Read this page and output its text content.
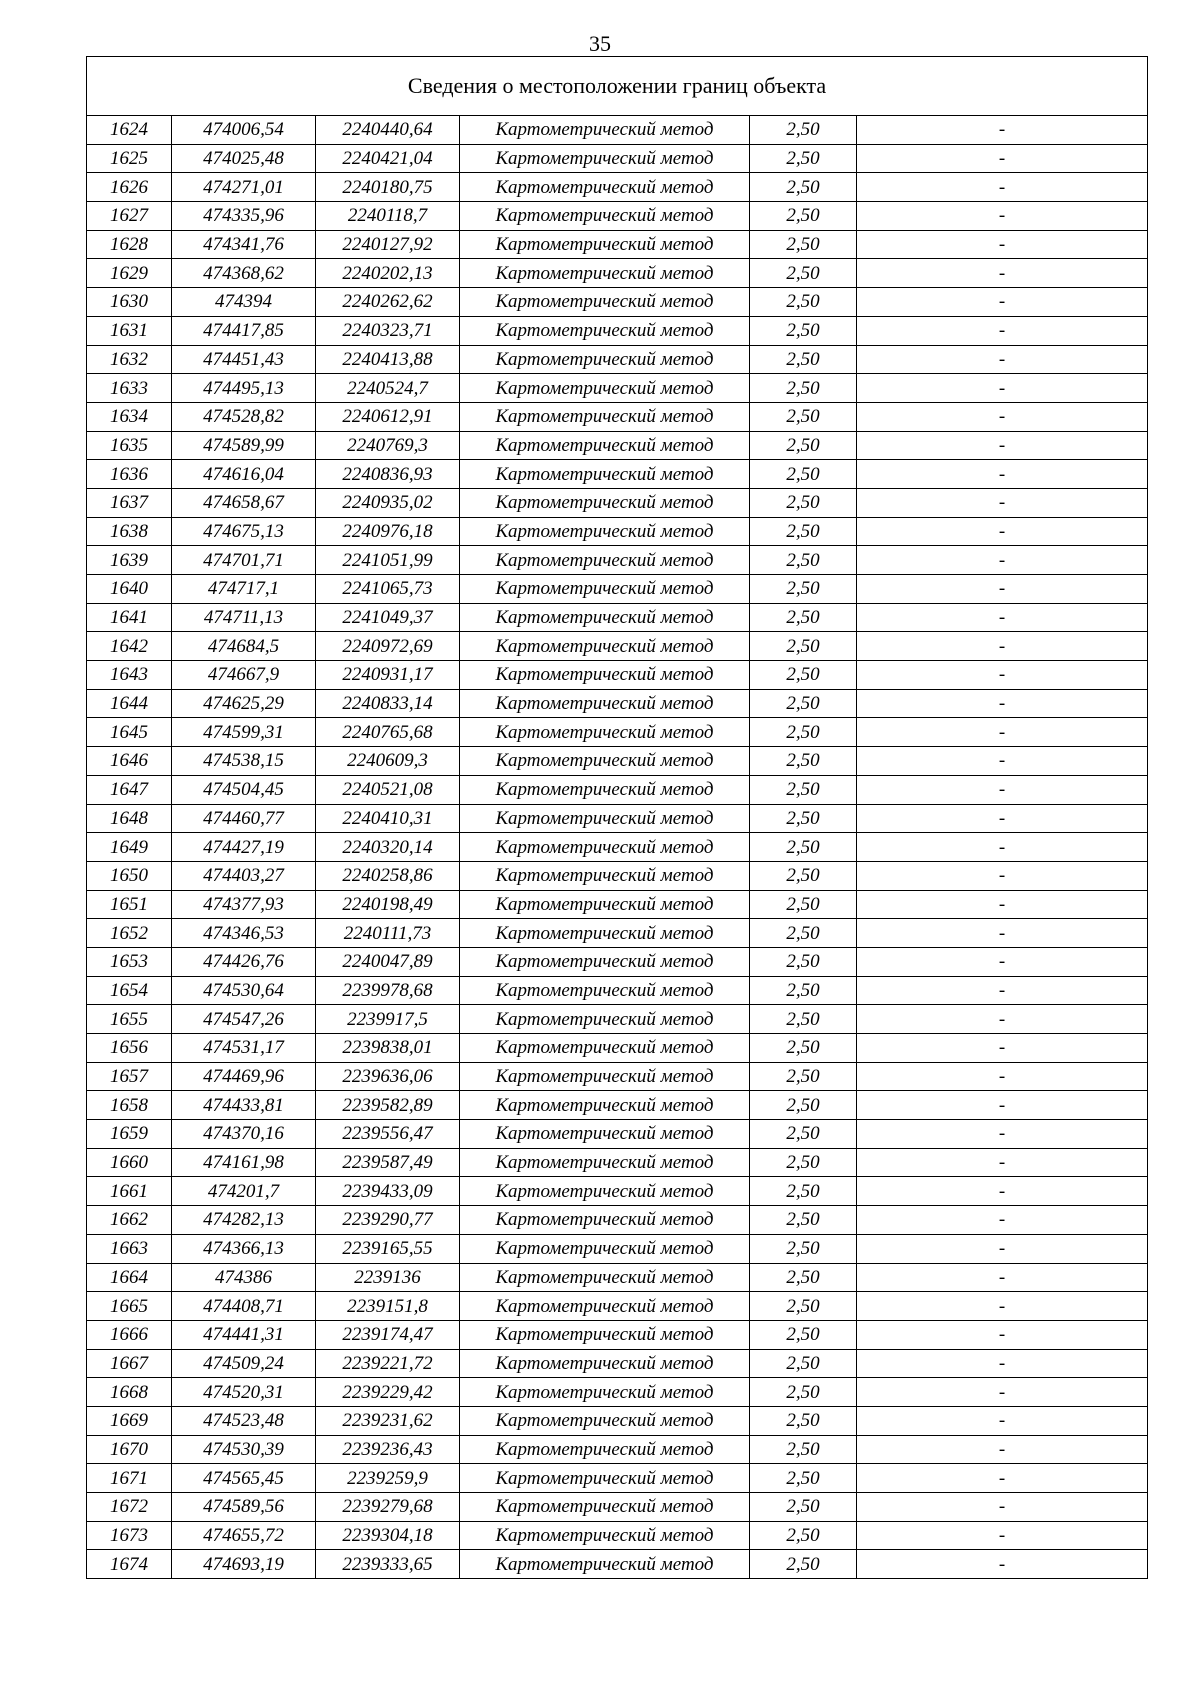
35
Сведения о местоположении границ объекта					
1624	474006,54	2240440,64	Картометрический метод	2,50	-
1625	474025,48	2240421,04	Картометрический метод	2,50	-
1626	474271,01	2240180,75	Картометрический метод	2,50	-
1627	474335,96	2240118,7	Картометрический метод	2,50	-
1628	474341,76	2240127,92	Картометрический метод	2,50	-
1629	474368,62	2240202,13	Картометрический метод	2,50	-
1630	474394	2240262,62	Картометрический метод	2,50	-
1631	474417,85	2240323,71	Картометрический метод	2,50	-
1632	474451,43	2240413,88	Картометрический метод	2,50	-
1633	474495,13	2240524,7	Картометрический метод	2,50	-
1634	474528,82	2240612,91	Картометрический метод	2,50	-
1635	474589,99	2240769,3	Картометрический метод	2,50	-
1636	474616,04	2240836,93	Картометрический метод	2,50	-
1637	474658,67	2240935,02	Картометрический метод	2,50	-
1638	474675,13	2240976,18	Картометрический метод	2,50	-
1639	474701,71	2241051,99	Картометрический метод	2,50	-
1640	474717,1	2241065,73	Картометрический метод	2,50	-
1641	474711,13	2241049,37	Картометрический метод	2,50	-
1642	474684,5	2240972,69	Картометрический метод	2,50	-
1643	474667,9	2240931,17	Картометрический метод	2,50	-
1644	474625,29	2240833,14	Картометрический метод	2,50	-
1645	474599,31	2240765,68	Картометрический метод	2,50	-
1646	474538,15	2240609,3	Картометрический метод	2,50	-
1647	474504,45	2240521,08	Картометрический метод	2,50	-
1648	474460,77	2240410,31	Картометрический метод	2,50	-
1649	474427,19	2240320,14	Картометрический метод	2,50	-
1650	474403,27	2240258,86	Картометрический метод	2,50	-
1651	474377,93	2240198,49	Картометрический метод	2,50	-
1652	474346,53	2240111,73	Картометрический метод	2,50	-
1653	474426,76	2240047,89	Картометрический метод	2,50	-
1654	474530,64	2239978,68	Картометрический метод	2,50	-
1655	474547,26	2239917,5	Картометрический метод	2,50	-
1656	474531,17	2239838,01	Картометрический метод	2,50	-
1657	474469,96	2239636,06	Картометрический метод	2,50	-
1658	474433,81	2239582,89	Картометрический метод	2,50	-
1659	474370,16	2239556,47	Картометрический метод	2,50	-
1660	474161,98	2239587,49	Картометрический метод	2,50	-
1661	474201,7	2239433,09	Картометрический метод	2,50	-
1662	474282,13	2239290,77	Картометрический метод	2,50	-
1663	474366,13	2239165,55	Картометрический метод	2,50	-
1664	474386	2239136	Картометрический метод	2,50	-
1665	474408,71	2239151,8	Картометрический метод	2,50	-
1666	474441,31	2239174,47	Картометрический метод	2,50	-
1667	474509,24	2239221,72	Картометрический метод	2,50	-
1668	474520,31	2239229,42	Картометрический метод	2,50	-
1669	474523,48	2239231,62	Картометрический метод	2,50	-
1670	474530,39	2239236,43	Картометрический метод	2,50	-
1671	474565,45	2239259,9	Картометрический метод	2,50	-
1672	474589,56	2239279,68	Картометрический метод	2,50	-
1673	474655,72	2239304,18	Картометрический метод	2,50	-
1674	474693,19	2239333,65	Картометрический метод	2,50	-
